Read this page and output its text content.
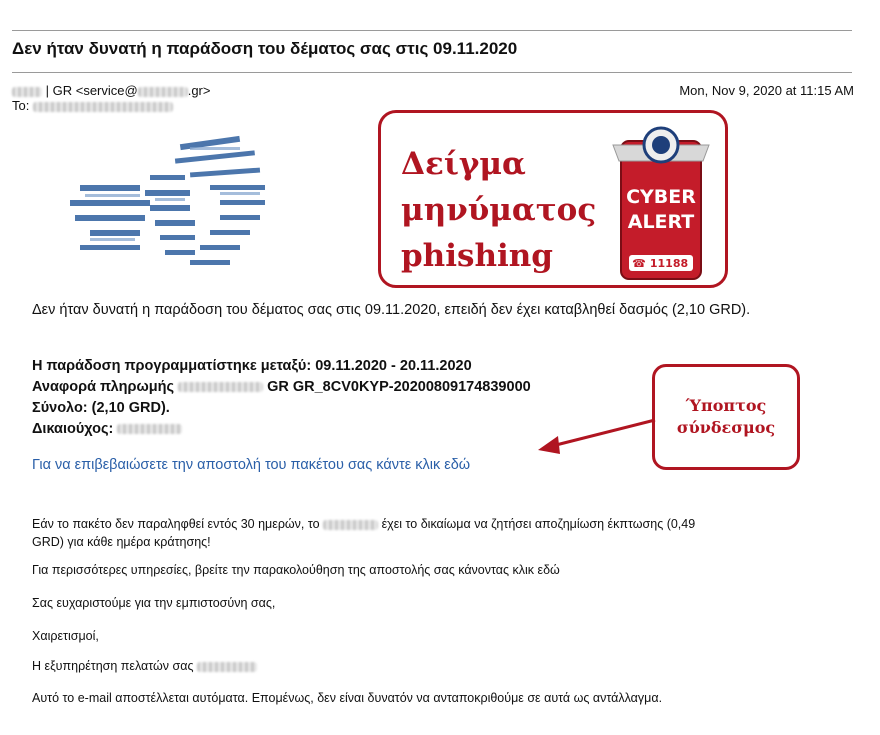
Δεν ήταν δυνατή η παράδοση του δέματος σας στις 09.11.2020
| GR <service@	.gr>
To:
Mon, Nov 9, 2020 at 11:15 AM
Δείγμα
μηνύματος
phishing
CYBER
ALERT
11188
☎
Δεν ήταν δυνατή η παράδοση του δέματος σας στις 09.11.2020, επειδή δεν έχει καταβληθεί δασμός (2,10 GRD).
Η παράδοση προγραμματίστηκε μεταξύ: 09.11.2020 - 20.11.2020
Αναφορά πληρωμής	GR GR_8CV0KYP-20200809174839000
Σύνολο: (2,10 GRD).
Δικαιούχος:
Για να επιβεβαιώσετε την αποστολή του πακέτου σας κάντε κλικ εδώ
Ύποπτος
σύνδεσμος
Εάν το πακέτο δεν παραληφθεί εντός 30 ημερών, το	έχει το δικαίωμα να ζητήσει αποζημίωση έκπτωσης (0,49
GRD) για κάθε ημέρα κράτησης!
Για περισσότερες υπηρεσίες, βρείτε την παρακολούθηση της αποστολής σας κάνοντας κλικ εδώ
Σας ευχαριστούμε για την εμπιστοσύνη σας,
Χαιρετισμοί,
Η εξυπηρέτηση πελατών σας
Αυτό το e-mail αποστέλλεται αυτόματα. Επομένως, δεν είναι δυνατόν να ανταποκριθούμε σε αυτά ως αντάλλαγμα.
